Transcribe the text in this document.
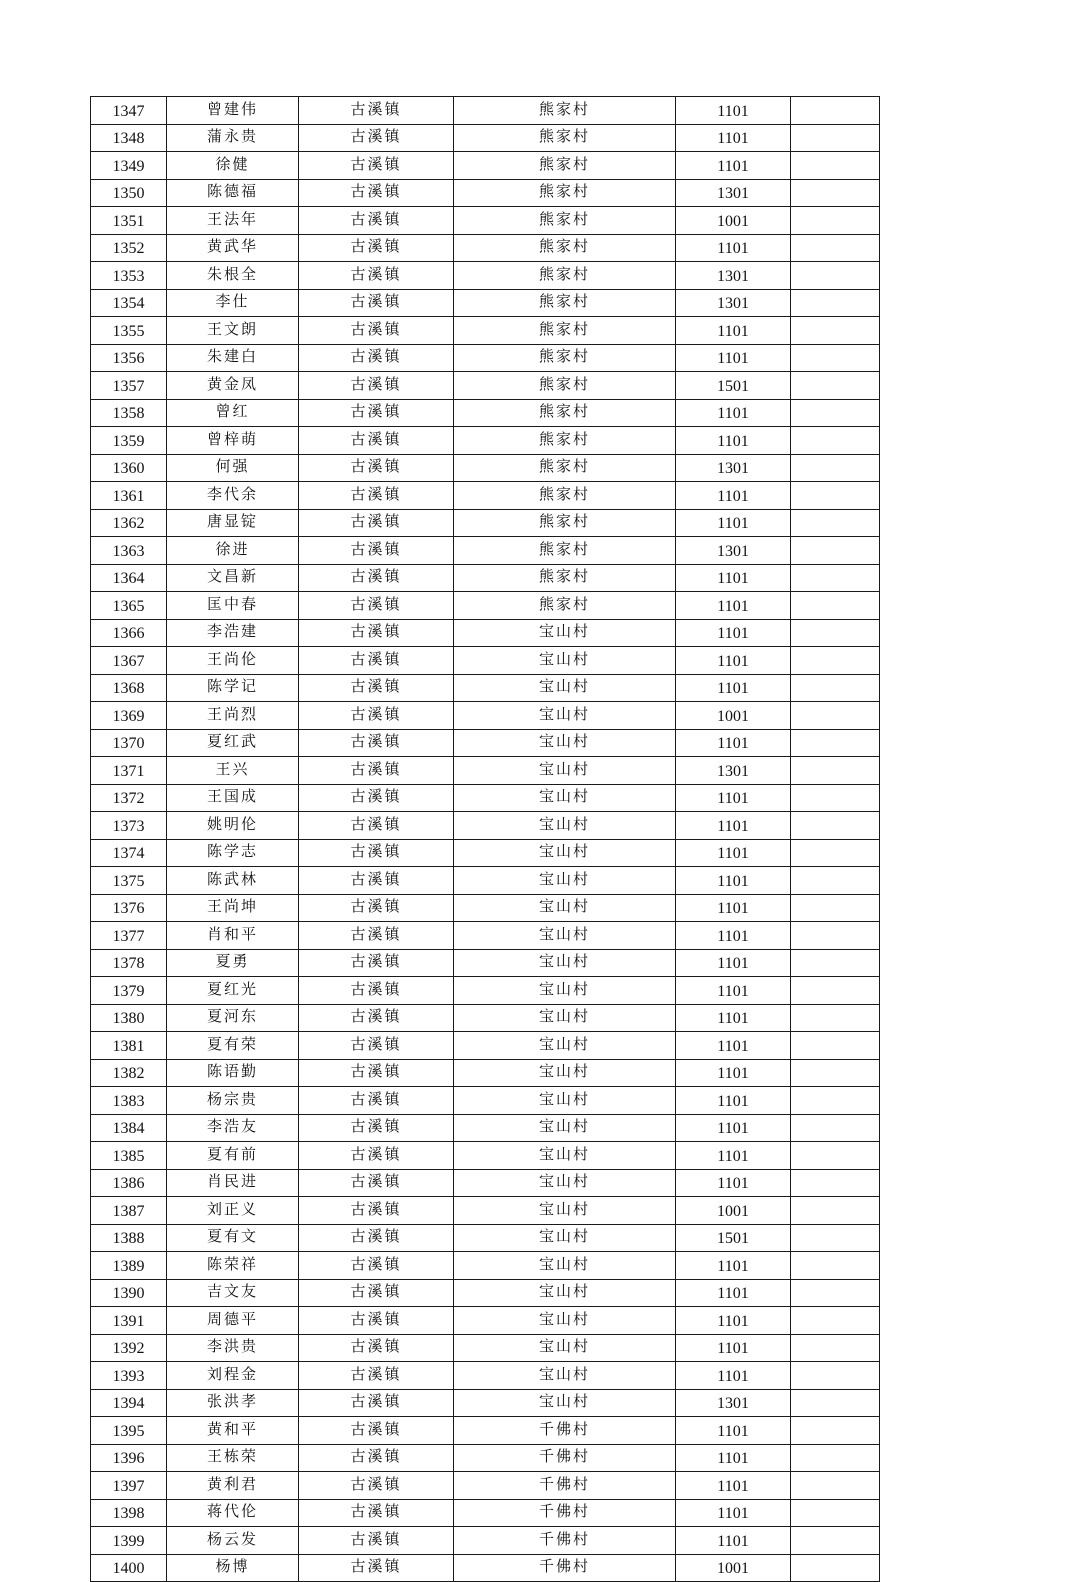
1347	曾建伟	古溪镇	熊家村	1101	
1348	蒲永贵	古溪镇	熊家村	1101	
1349	徐健	古溪镇	熊家村	1101	
1350	陈德福	古溪镇	熊家村	1301	
1351	王法年	古溪镇	熊家村	1001	
1352	黄武华	古溪镇	熊家村	1101	
1353	朱根全	古溪镇	熊家村	1301	
1354	李仕	古溪镇	熊家村	1301	
1355	王文朗	古溪镇	熊家村	1101	
1356	朱建白	古溪镇	熊家村	1101	
1357	黄金凤	古溪镇	熊家村	1501	
1358	曾红	古溪镇	熊家村	1101	
1359	曾梓萌	古溪镇	熊家村	1101	
1360	何强	古溪镇	熊家村	1301	
1361	李代余	古溪镇	熊家村	1101	
1362	唐显锭	古溪镇	熊家村	1101	
1363	徐进	古溪镇	熊家村	1301	
1364	文昌新	古溪镇	熊家村	1101	
1365	匡中春	古溪镇	熊家村	1101	
1366	李浩建	古溪镇	宝山村	1101	
1367	王尚伦	古溪镇	宝山村	1101	
1368	陈学记	古溪镇	宝山村	1101	
1369	王尚烈	古溪镇	宝山村	1001	
1370	夏红武	古溪镇	宝山村	1101	
1371	王兴	古溪镇	宝山村	1301	
1372	王国成	古溪镇	宝山村	1101	
1373	姚明伦	古溪镇	宝山村	1101	
1374	陈学志	古溪镇	宝山村	1101	
1375	陈武林	古溪镇	宝山村	1101	
1376	王尚坤	古溪镇	宝山村	1101	
1377	肖和平	古溪镇	宝山村	1101	
1378	夏勇	古溪镇	宝山村	1101	
1379	夏红光	古溪镇	宝山村	1101	
1380	夏河东	古溪镇	宝山村	1101	
1381	夏有荣	古溪镇	宝山村	1101	
1382	陈语勤	古溪镇	宝山村	1101	
1383	杨宗贵	古溪镇	宝山村	1101	
1384	李浩友	古溪镇	宝山村	1101	
1385	夏有前	古溪镇	宝山村	1101	
1386	肖民进	古溪镇	宝山村	1101	
1387	刘正义	古溪镇	宝山村	1001	
1388	夏有文	古溪镇	宝山村	1501	
1389	陈荣祥	古溪镇	宝山村	1101	
1390	吉文友	古溪镇	宝山村	1101	
1391	周德平	古溪镇	宝山村	1101	
1392	李洪贵	古溪镇	宝山村	1101	
1393	刘程金	古溪镇	宝山村	1101	
1394	张洪孝	古溪镇	宝山村	1301	
1395	黄和平	古溪镇	千佛村	1101	
1396	王栋荣	古溪镇	千佛村	1101	
1397	黄利君	古溪镇	千佛村	1101	
1398	蒋代伦	古溪镇	千佛村	1101	
1399	杨云发	古溪镇	千佛村	1101	
1400	杨博	古溪镇	千佛村	1001	
